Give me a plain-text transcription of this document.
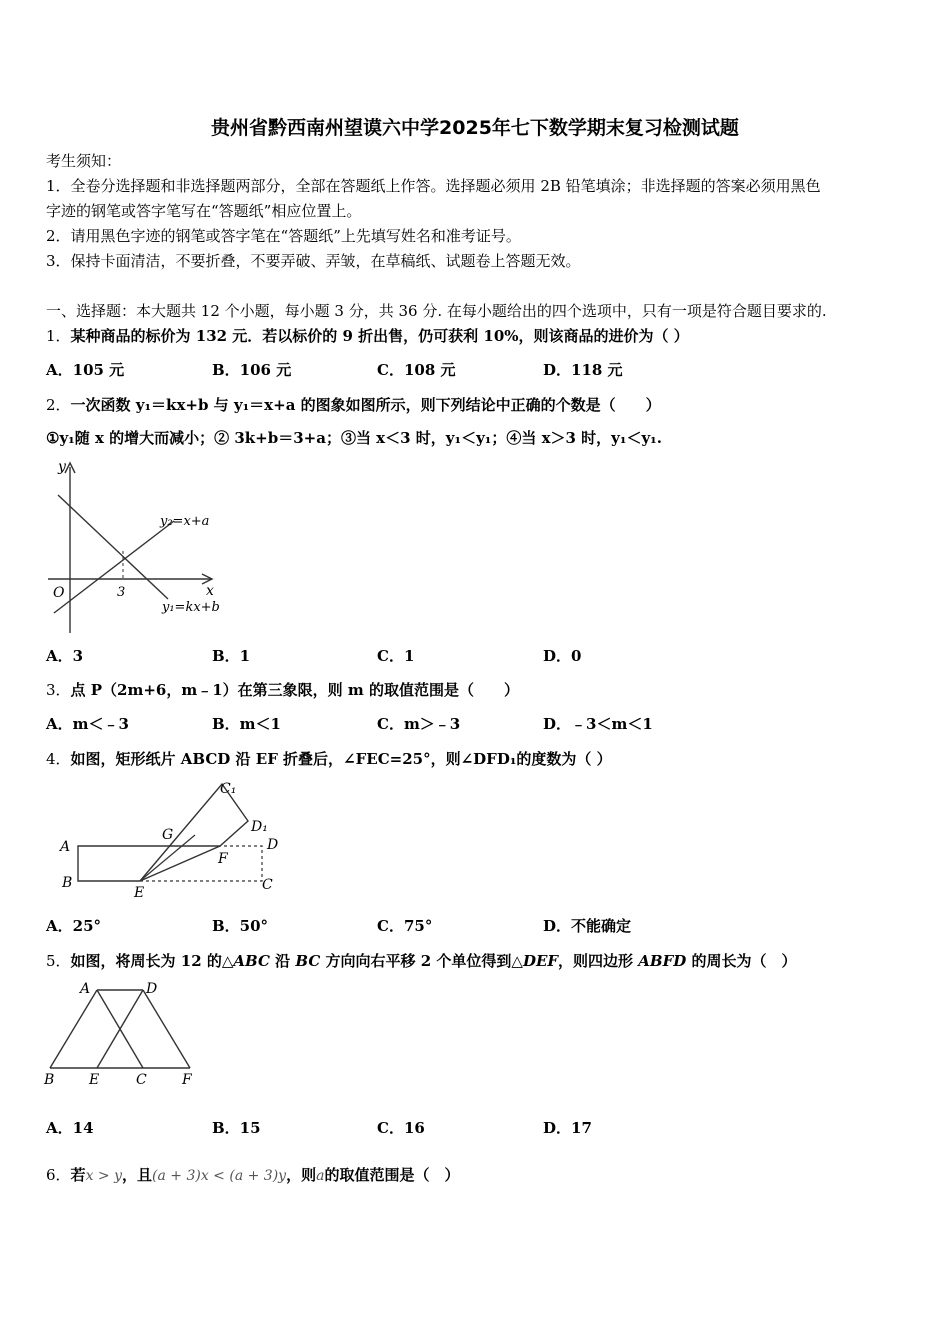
贵州省黔西南州望谟六中学2025年七下数学期末复习检测试题
考生须知：
1．全卷分选择题和非选择题两部分，全部在答题纸上作答。选择题必须用 2B 铅笔填涂；非选择题的答案必须用黑色
字迹的钢笔或答字笔写在“答题纸”相应位置上。
2．请用黑色字迹的钢笔或答字笔在“答题纸”上先填写姓名和准考证号。
3．保持卡面清洁，不要折叠，不要弄破、弄皱，在草稿纸、试题卷上答题无效。
一、选择题：本大题共 12 个小题，每小题 3 分，共 36 分. 在每小题给出的四个选项中，只有一项是符合题目要求的.
1．某种商品的标价为 132 元．若以标价的 9 折出售，仍可获利 10%，则该商品的进价为（ ）
A．105 元	B．106 元	C．108 元	D．118 元
2．一次函数 y₁＝kx+b 与 y₁＝x+a 的图象如图所示，则下列结论中正确的个数是（　　）
①y₁随 x 的增大而减小；② 3k+b＝3+a；③当 x＜3 时，y₁＜y₁；④当 x＞3 时，y₁＜y₁.
y
x
O	3
y₂=x+a
y₁=kx+b
A．3	B．1	C．1	D．0
3．点 P（2m+6，m﹣1）在第三象限，则 m 的取值范围是（　　）
A．m＜﹣3	B．m＜1	C．m＞﹣3	D．﹣3＜m＜1
4．如图，矩形纸片 ABCD 沿 EF 折叠后，∠FEC=25°，则∠DFD₁的度数为（ ）
A
B	C
D
E
F
G
C₁
D₁
A．25°	B．50°	C．75°	D．不能确定
5．如图，将周长为 12 的△ABC 沿 BC 方向向右平移 2 个单位得到△DEF，则四边形 ABFD 的周长为（　）
A	D
B E	C	F
A．14	B．15	C．16	D．17
6．若x > y，且(a + 3)x < (a + 3)y，则a的取值范围是（　）
